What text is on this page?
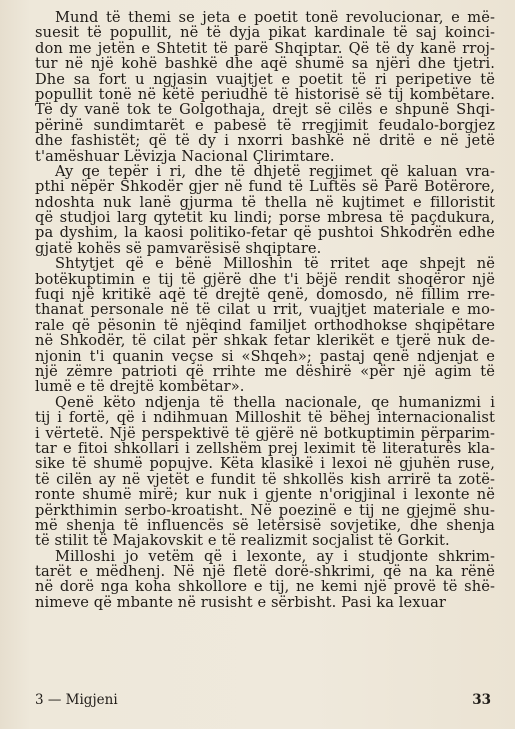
Mund të themi se jeta e poetit tonë revolucionar, e më-
suesit të popullit, në të dyja pikat kardinale të saj koinci-
don me jetën e Shtetit të parë Shqiptar. Që të dy kanë rroj-
tur në një kohë bashkë dhe aqë shumë sa njëri dhe tjetri.
Dhe sa fort u ngjasin vuajtjet e poetit të ri peripetive të
popullit tonë në këtë periudhë të historisë së tij kombëtare.
Të dy vanë tok te Golgothaja, drejt së cilës e shpunë Shqi-
përinë sundimtarët e pabesë të rregjimit feudalo-borgjez
dhe fashistët; që të dy i nxorri bashkë në dritë e në jetë
t'amëshuar Lëvizja Nacional Çlirimtare.
Ay qe tepër i ri, dhe të dhjetë regjimet që kaluan vra-
pthi nëpër Shkodër gjer në fund të Luftës së Parë Botërore,
ndoshta nuk lanë gjurma të thella në kujtimet e filloristit
që studjoi larg qytetit ku lindi; porse mbresa të paçdukura,
pa dyshim, la kaosi politiko-fetar që pushtoi Shkodrën edhe
gjatë kohës së pamvarësisë shqiptare.
Shtytjet që e bënë Milloshin të rritet aqe shpejt në
botëkuptimin e tij të gjërë dhe t'i bëjë rendit shoqëror një
fuqi një kritikë aqë të drejtë qenë, domosdo, në fillim rre-
thanat personale në të cilat u rrit, vuajtjet materiale e mo-
rale që pësonin të njëqind familjet orthodhokse shqipëtare
në Shkodër, të cilat për shkak fetar klerikët e tjerë nuk de-
njonin t'i quanin veçse si «Shqeh»; pastaj qenë ndjenjat e
një zëmre patrioti që rrihte me dëshirë «për një agim të
lumë e të drejtë kombëtar».
Qenë këto ndjenja të thella nacionale, qe humanizmi i
tij i fortë, që i ndihmuan Milloshit të bëhej internacionalist
i vërtetë. Një perspektivë të gjërë në botkuptimin përparim-
tar e fitoi shkollari i zellshëm prej leximit të literaturës kla-
sike të shumë popujve. Këta klasikë i lexoi në gjuhën ruse,
të cilën ay në vjetët e fundit të shkollës kish arrirë ta zotë-
ronte shumë mirë; kur nuk i gjente n'origjinal i lexonte në
përkthimin serbo-kroatisht. Në poezinë e tij ne gjejmë shu-
më shenja të influencës së letërsisë sovjetike, dhe shenja
të stilit të Majakovskit e të realizmit socjalist të Gorkit.
Milloshi jo vetëm që i lexonte, ay i studjonte shkrim-
tarët e mëdhenj. Në një fletë dorë-shkrimi, që na ka rënë
në dorë nga koha shkollore e tij, ne kemi një provë të shë-
nimeve që mbante në rusisht e sërbisht. Pasi ka lexuar
3 — Migjeni	33
